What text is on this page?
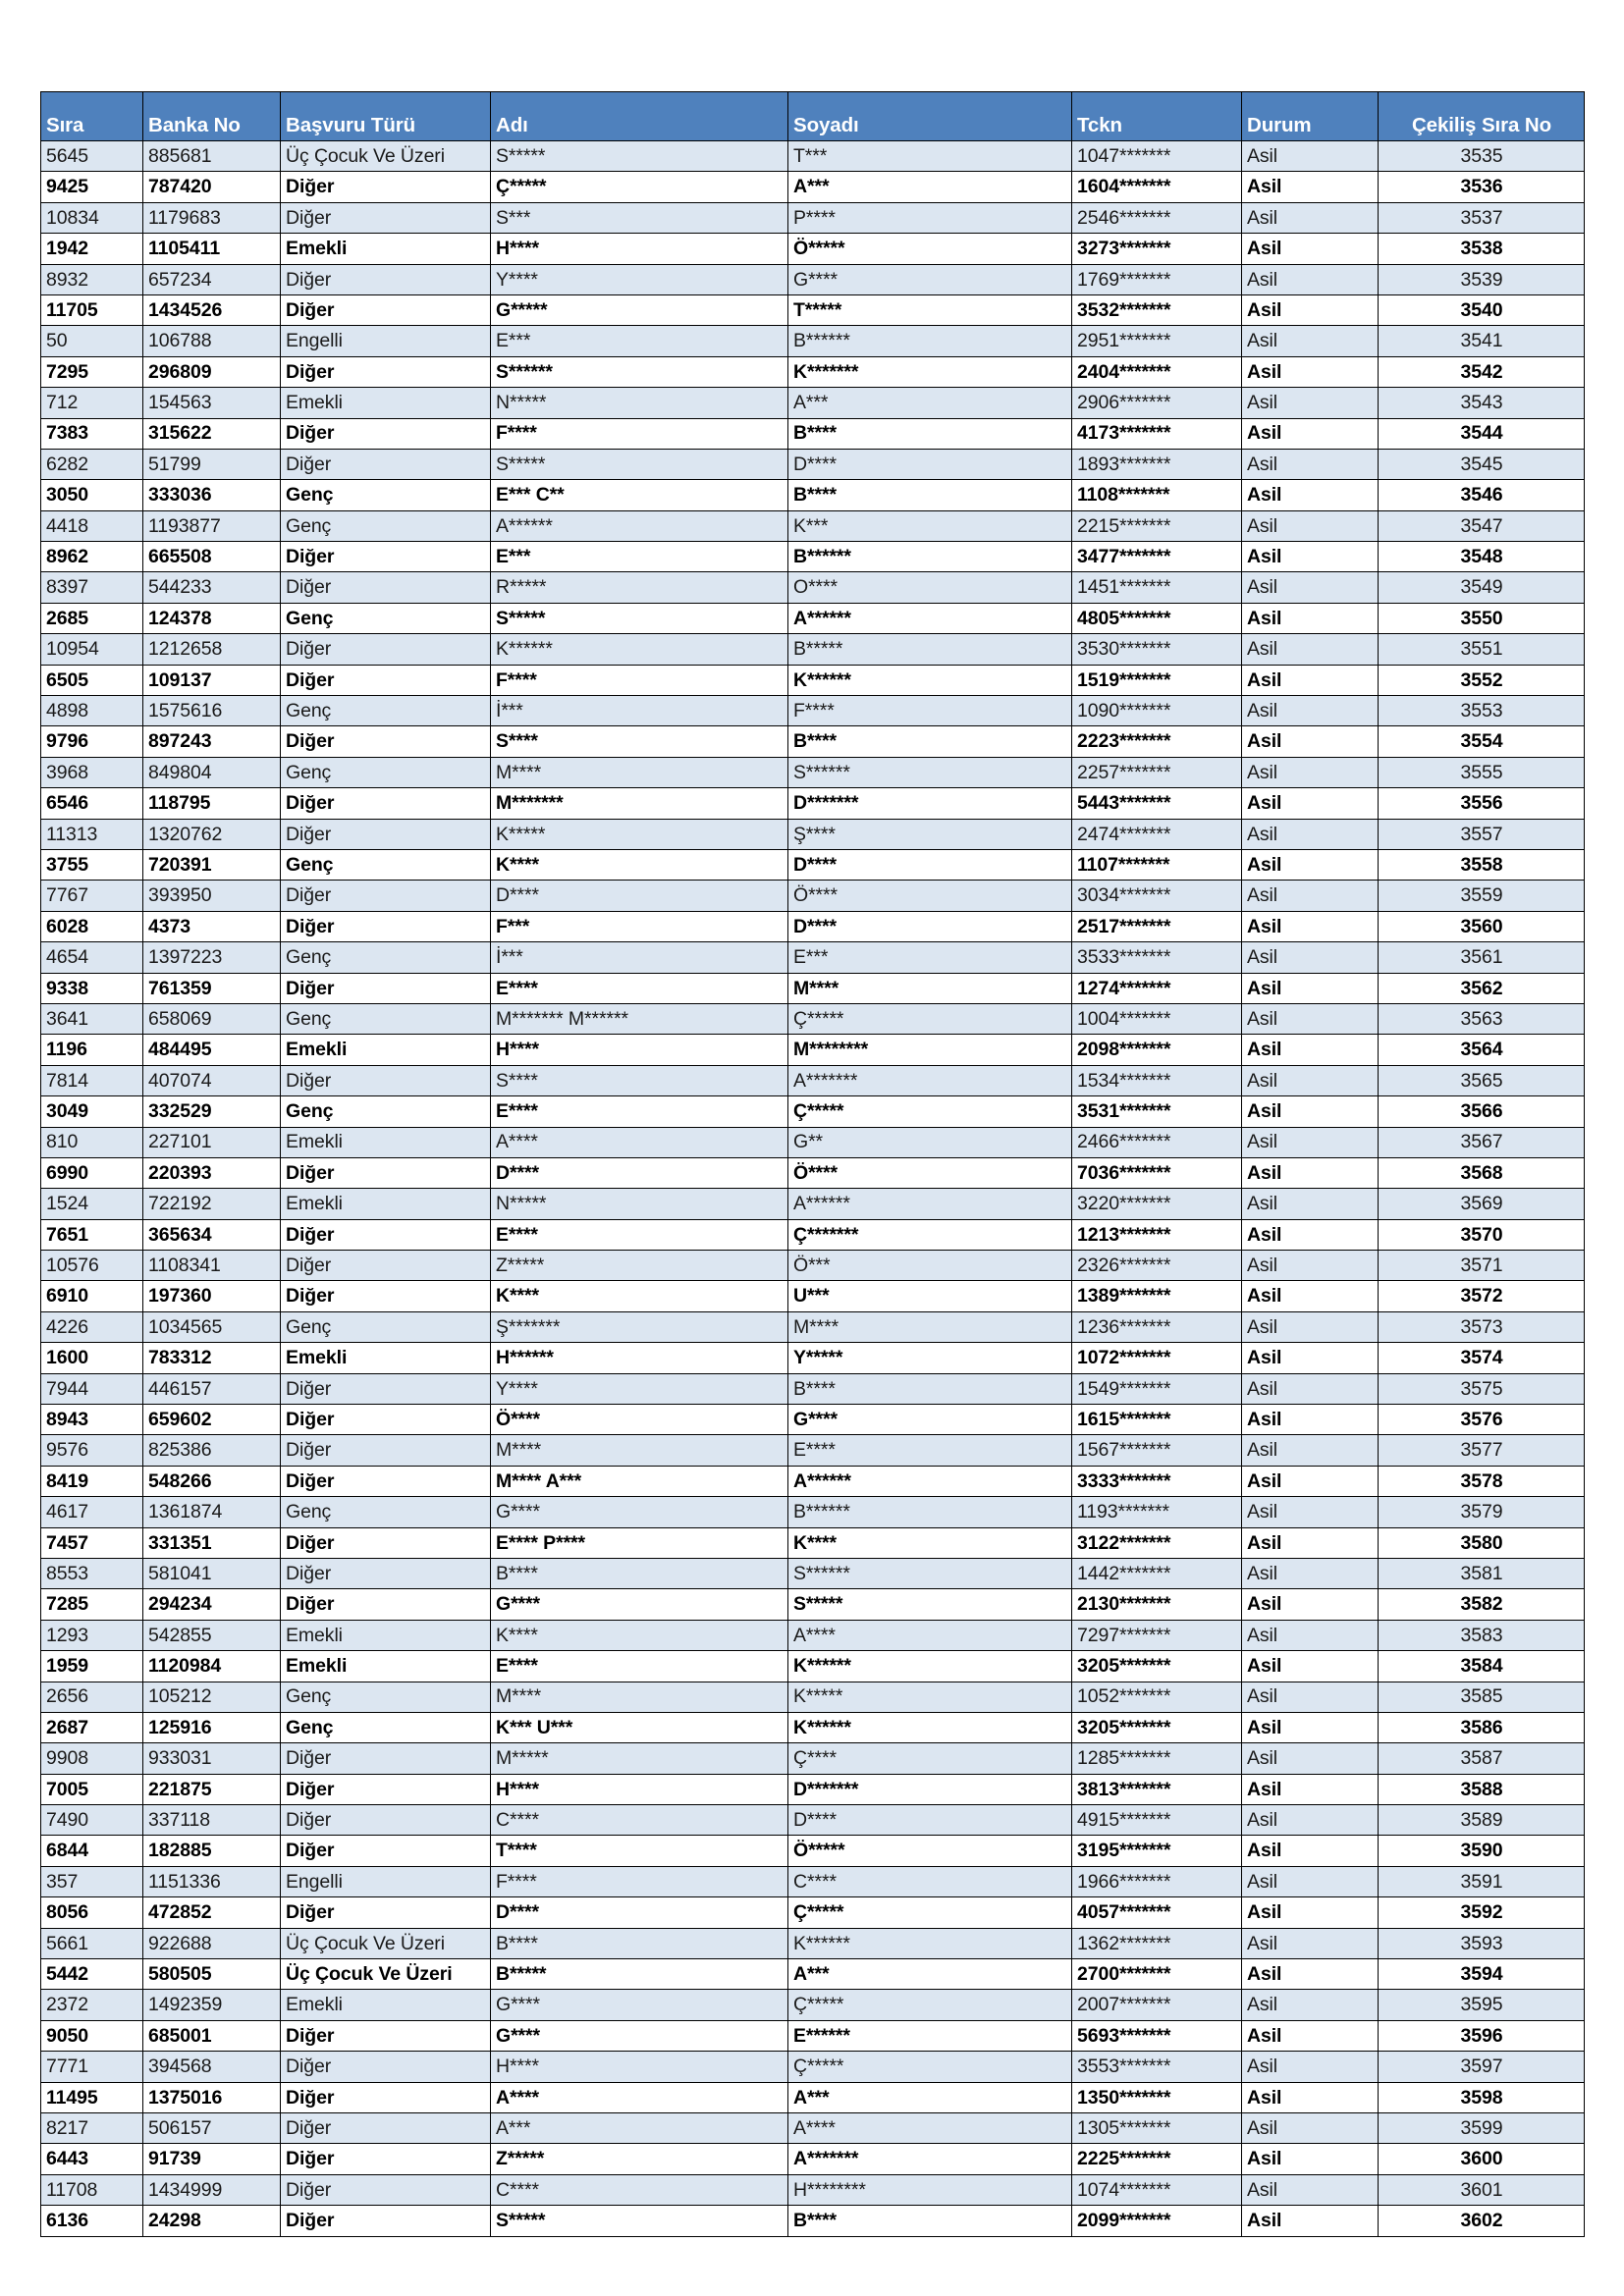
Sıra	Banka No	Başvuru Türü	Adı	Soyadı	Tckn	Durum	Çekiliş Sıra No
5645	885681	Üç Çocuk Ve Üzeri	S*****	T***	1047*******	Asil	3535
9425	787420	Diğer	Ç*****	A***	1604*******	Asil	3536
10834	1179683	Diğer	S***	P****	2546*******	Asil	3537
1942	1105411	Emekli	H****	Ö*****	3273*******	Asil	3538
8932	657234	Diğer	Y****	G****	1769*******	Asil	3539
11705	1434526	Diğer	G*****	T*****	3532*******	Asil	3540
50	106788	Engelli	E***	B******	2951*******	Asil	3541
7295	296809	Diğer	S******	K*******	2404*******	Asil	3542
712	154563	Emekli	N*****	A***	2906*******	Asil	3543
7383	315622	Diğer	F****	B****	4173*******	Asil	3544
6282	51799	Diğer	S*****	D****	1893*******	Asil	3545
3050	333036	Genç	E*** C**	B****	1108*******	Asil	3546
4418	1193877	Genç	A******	K***	2215*******	Asil	3547
8962	665508	Diğer	E***	B******	3477*******	Asil	3548
8397	544233	Diğer	R*****	O****	1451*******	Asil	3549
2685	124378	Genç	S*****	A******	4805*******	Asil	3550
10954	1212658	Diğer	K******	B*****	3530*******	Asil	3551
6505	109137	Diğer	F****	K******	1519*******	Asil	3552
4898	1575616	Genç	İ***	F****	1090*******	Asil	3553
9796	897243	Diğer	S****	B****	2223*******	Asil	3554
3968	849804	Genç	M****	S******	2257*******	Asil	3555
6546	118795	Diğer	M*******	D*******	5443*******	Asil	3556
11313	1320762	Diğer	K*****	Ş****	2474*******	Asil	3557
3755	720391	Genç	K****	D****	1107*******	Asil	3558
7767	393950	Diğer	D****	Ö****	3034*******	Asil	3559
6028	4373	Diğer	F***	D****	2517*******	Asil	3560
4654	1397223	Genç	İ***	E***	3533*******	Asil	3561
9338	761359	Diğer	E****	M****	1274*******	Asil	3562
3641	658069	Genç	M******* M******	Ç*****	1004*******	Asil	3563
1196	484495	Emekli	H****	M********	2098*******	Asil	3564
7814	407074	Diğer	S****	A*******	1534*******	Asil	3565
3049	332529	Genç	E****	Ç*****	3531*******	Asil	3566
810	227101	Emekli	A****	G**	2466*******	Asil	3567
6990	220393	Diğer	D****	Ö****	7036*******	Asil	3568
1524	722192	Emekli	N*****	A******	3220*******	Asil	3569
7651	365634	Diğer	E****	Ç*******	1213*******	Asil	3570
10576	1108341	Diğer	Z*****	Ö***	2326*******	Asil	3571
6910	197360	Diğer	K****	U***	1389*******	Asil	3572
4226	1034565	Genç	Ş*******	M****	1236*******	Asil	3573
1600	783312	Emekli	H******	Y*****	1072*******	Asil	3574
7944	446157	Diğer	Y****	B****	1549*******	Asil	3575
8943	659602	Diğer	Ö****	G****	1615*******	Asil	3576
9576	825386	Diğer	M****	E****	1567*******	Asil	3577
8419	548266	Diğer	M**** A***	A******	3333*******	Asil	3578
4617	1361874	Genç	G****	B******	1193*******	Asil	3579
7457	331351	Diğer	E**** P****	K****	3122*******	Asil	3580
8553	581041	Diğer	B****	S******	1442*******	Asil	3581
7285	294234	Diğer	G****	S*****	2130*******	Asil	3582
1293	542855	Emekli	K****	A****	7297*******	Asil	3583
1959	1120984	Emekli	E****	K******	3205*******	Asil	3584
2656	105212	Genç	M****	K*****	1052*******	Asil	3585
2687	125916	Genç	K*** U***	K******	3205*******	Asil	3586
9908	933031	Diğer	M*****	Ç****	1285*******	Asil	3587
7005	221875	Diğer	H****	D*******	3813*******	Asil	3588
7490	337118	Diğer	C****	D****	4915*******	Asil	3589
6844	182885	Diğer	T****	Ö*****	3195*******	Asil	3590
357	1151336	Engelli	F****	C****	1966*******	Asil	3591
8056	472852	Diğer	D****	Ç*****	4057*******	Asil	3592
5661	922688	Üç Çocuk Ve Üzeri	B****	K******	1362*******	Asil	3593
5442	580505	Üç Çocuk Ve Üzeri	B*****	A***	2700*******	Asil	3594
2372	1492359	Emekli	G****	Ç*****	2007*******	Asil	3595
9050	685001	Diğer	G****	E******	5693*******	Asil	3596
7771	394568	Diğer	H****	Ç*****	3553*******	Asil	3597
11495	1375016	Diğer	A****	A***	1350*******	Asil	3598
8217	506157	Diğer	A***	A****	1305*******	Asil	3599
6443	91739	Diğer	Z*****	A*******	2225*******	Asil	3600
11708	1434999	Diğer	C****	H********	1074*******	Asil	3601
6136	24298	Diğer	S*****	B****	2099*******	Asil	3602
